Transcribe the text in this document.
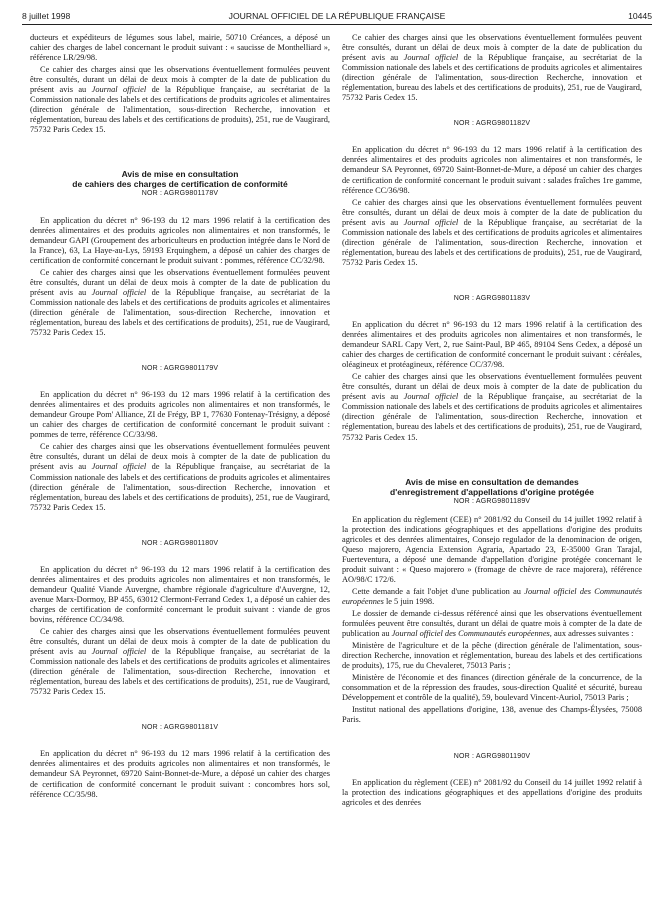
8 juillet 1998	JOURNAL OFFICIEL DE LA RÉPUBLIQUE FRANÇAISE	10445

ducteurs et expéditeurs de légumes sous label, mairie, 50710 Créances, a déposé un cahier des charges de label concernant le produit suivant : « saucisse de Monthelliard », référence LR/29/98.

Ce cahier des charges ainsi que les observations éventuellement formulées peuvent être consultés, durant un délai de deux mois à compter de la date de publication du présent avis au Journal officiel de la République française, au secrétariat de la Commission nationale des labels et des certifications de produits agricoles et alimentaires (direction générale de l'alimentation, sous-direction Recherche, innovation et réglementation, bureau des labels et des certifications de produits), 251, rue de Vaugirard, 75732 Paris Cedex 15.

Avis de mise en consultation
de cahiers des charges de certification de conformité

NOR : AGRG9801178V

En application du décret n° 96-193 du 12 mars 1996 relatif à la certification des denrées alimentaires et des produits agricoles non alimentaires et non transformés, le demandeur GAPI (Groupement des arboriculteurs en production intégrée dans le Nord de la France), 63, La Haye-au-Lys, 59193 Erquinghem, a déposé un cahier des charges de certification de conformité concernant le produit suivant : pommes, référence CC/32/98.

Ce cahier des charges ainsi que les observations éventuellement formulées peuvent être consultés, durant un délai de deux mois à compter de la date de publication du présent avis au Journal officiel de la République française, au secrétariat de la Commission nationale des labels et des certifications de produits agricoles et alimentaires (direction générale de l'alimentation, sous-direction Recherche, innovation et réglementation, bureau des labels et des certifications de produits), 251, rue de Vaugirard, 75732 Paris Cedex 15.

NOR : AGRG9801179V

En application du décret n° 96-193 du 12 mars 1996 relatif à la certification des denrées alimentaires et des produits agricoles non alimentaires et non transformés, le demandeur Groupe Pom' Alliance, ZI de Frégy, BP 1, 77630 Fontenay-Trésigny, a déposé un cahier des charges de certification de conformité concernant le produit suivant : pommes de terre, référence CC/33/98.

Ce cahier des charges ainsi que les observations éventuellement formulées peuvent être consultés, durant un délai de deux mois à compter de la date de publication du présent avis au Journal officiel de la République française, au secrétariat de la Commission nationale des labels et des certifications de produits agricoles et alimentaires (direction générale de l'alimentation, sous-direction Recherche, innovation et réglementation, bureau des labels et des certifications de produits), 251, rue de Vaugirard, 75732 Paris Cedex 15.

NOR : AGRG9801180V

En application du décret n° 96-193 du 12 mars 1996 relatif à la certification des denrées alimentaires et des produits agricoles non alimentaires et non transformés, le demandeur Qualité Viande Auvergne, chambre régionale d'agriculture d'Auvergne, 12, avenue Marx-Dormoy, BP 455, 63012 Clermont-Ferrand Cedex 1, a déposé un cahier des charges de certification de conformité concernant le produit suivant : viande de gros bovins, référence CC/34/98.

Ce cahier des charges ainsi que les observations éventuellement formulées peuvent être consultés, durant un délai de deux mois à compter de la date de publication du présent avis au Journal officiel de la République française, au secrétariat de la Commission nationale des labels et des certifications de produits agricoles et alimentaires (direction générale de l'alimentation, sous-direction Recherche, innovation et réglementation, bureau des labels et des certifications de produits), 251, rue de Vaugirard, 75732 Paris Cedex 15.

NOR : AGRG9801181V

En application du décret n° 96-193 du 12 mars 1996 relatif à la certification des denrées alimentaires et des produits agricoles non alimentaires et non transformés, le demandeur SA Peyronnet, 69720 Saint-Bonnet-de-Mure, a déposé un cahier des charges de certification de conformité concernant le produit suivant : concombres hors sol, référence CC/35/98.

Ce cahier des charges ainsi que les observations éventuellement formulées peuvent être consultés, durant un délai de deux mois à compter de la date de publication du présent avis au Journal officiel de la République française, au secrétariat de la Commission nationale des labels et des certifications de produits agricoles et alimentaires (direction générale de l'alimentation, sous-direction Recherche, innovation et réglementation, bureau des labels et des certifications de produits), 251, rue de Vaugirard, 75732 Paris Cedex 15.

NOR : AGRG9801182V

En application du décret n° 96-193 du 12 mars 1996 relatif à la certification des denrées alimentaires et des produits agricoles non alimentaires et non transformés, le demandeur SA Peyronnet, 69720 Saint-Bonnet-de-Mure, a déposé un cahier des charges de certification de conformité concernant le produit suivant : salades fraîches 1re gamme, référence CC/36/98.

Ce cahier des charges ainsi que les observations éventuellement formulées peuvent être consultés, durant un délai de deux mois à compter de la date de publication du présent avis au Journal officiel de la République française, au secrétariat de la Commission nationale des labels et des certifications de produits agricoles et alimentaires (direction générale de l'alimentation, sous-direction Recherche, innovation et réglementation, bureau des labels et des certifications de produits), 251, rue de Vaugirard, 75732 Paris Cedex 15.

NOR : AGRG9801183V

En application du décret n° 96-193 du 12 mars 1996 relatif à la certification des denrées alimentaires et des produits agricoles non alimentaires et non transformés, le demandeur SARL Capy Vert, 2, rue Saint-Paul, BP 465, 89104 Sens Cedex, a déposé un cahier des charges de certification de conformité concernant le produit suivant : céréales, oléagineux et protéagineux, référence CC/37/98.

Ce cahier des charges ainsi que les observations éventuellement formulées peuvent être consultés, durant un délai de deux mois à compter de la date de publication du présent avis au Journal officiel de la République française, au secrétariat de la Commission nationale des labels et des certifications de produits agricoles et alimentaires (direction générale de l'alimentation, sous-direction Recherche, innovation et réglementation, bureau des labels et des certifications de produits), 251, rue de Vaugirard, 75732 Paris Cedex 15.

Avis de mise en consultation de demandes
d'enregistrement d'appellations d'origine protégée

NOR : AGRG9801189V

En application du règlement (CEE) n° 2081/92 du Conseil du 14 juillet 1992 relatif à la protection des indications géographiques et des appellations d'origine des produits agricoles et des denrées alimentaires, Consejo regulador de la denominacion de origen, Queso majorero, Agencia Extension Agraria, Apartado 23, E-35000 Gran Tarajal, Fuerteventura, a déposé une demande d'appellation d'origine protégée concernant le produit suivant : « Queso majorero » (fromage de chèvre de race majorera), référence AO/98/C 172/6.

Cette demande a fait l'objet d'une publication au Journal officiel des Communautés européennes le 5 juin 1998.

Le dossier de demande ci-dessus référencé ainsi que les observations éventuellement formulées peuvent être consultés, durant un délai de quatre mois à compter de la date de publication au Journal officiel des Communautés européennes, aux adresses suivantes :

Ministère de l'agriculture et de la pêche (direction générale de l'alimentation, sous-direction Recherche, innovation et réglementation, bureau des labels et des certifications de produits), 175, rue du Chevaleret, 75013 Paris ;

Ministère de l'économie et des finances (direction générale de la concurrence, de la consommation et de la répression des fraudes, sous-direction Qualité et sécurité, bureau Développement et contrôle de la qualité), 59, boulevard Vincent-Auriol, 75013 Paris ;

Institut national des appellations d'origine, 138, avenue des Champs-Élysées, 75008 Paris.

NOR : AGRG9801190V

En application du règlement (CEE) n° 2081/92 du Conseil du 14 juillet 1992 relatif à la protection des indications géographiques et des appellations d'origine des produits agricoles et des denrées
